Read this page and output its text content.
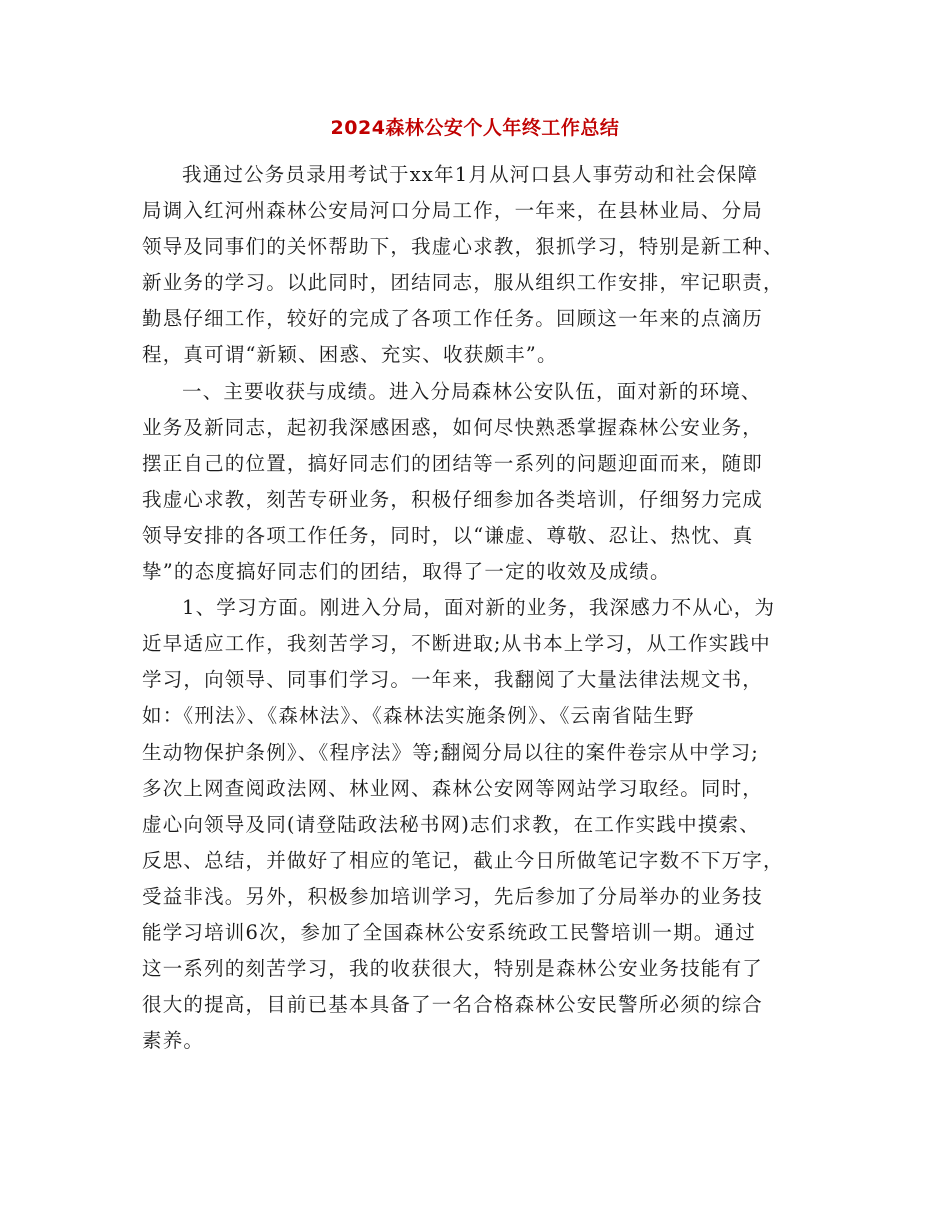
2024森林公安个人年终工作总结
我通过公务员录用考试于xx年1月从河口县人事劳动和社会保障
局调入红河州森林公安局河口分局工作，一年来，在县林业局、分局
领导及同事们的关怀帮助下，我虚心求教，狠抓学习，特别是新工种、
新业务的学习。以此同时，团结同志，服从组织工作安排，牢记职责，
勤恳仔细工作，较好的完成了各项工作任务。回顾这一年来的点滴历
程，真可谓“新颖、困惑、充实、收获颇丰”。
一、主要收获与成绩。进入分局森林公安队伍，面对新的环境、
业务及新同志，起初我深感困惑，如何尽快熟悉掌握森林公安业务，
摆正自己的位置，搞好同志们的团结等一系列的问题迎面而来，随即
我虚心求教，刻苦专研业务，积极仔细参加各类培训，仔细努力完成
领导安排的各项工作任务，同时，以“谦虚、尊敬、忍让、热忱、真
挚”的态度搞好同志们的团结，取得了一定的收效及成绩。
1、学习方面。刚进入分局，面对新的业务，我深感力不从心，为
近早适应工作，我刻苦学习，不断进取;从书本上学习，从工作实践中
学习，向领导、同事们学习。一年来，我翻阅了大量法律法规文书，
如：《刑法》、《森林法》、《森林法实施条例》、《云南省陆生野
生动物保护条例》、《程序法》等;翻阅分局以往的案件卷宗从中学习;
多次上网查阅政法网、林业网、森林公安网等网站学习取经。同时，
虚心向领导及同(请登陆政法秘书网)志们求教，在工作实践中摸索、
反思、总结，并做好了相应的笔记，截止今日所做笔记字数不下万字，
受益非浅。另外，积极参加培训学习，先后参加了分局举办的业务技
能学习培训6次，参加了全国森林公安系统政工民警培训一期。通过
这一系列的刻苦学习，我的收获很大，特别是森林公安业务技能有了
很大的提高，目前已基本具备了一名合格森林公安民警所必须的综合
素养。
